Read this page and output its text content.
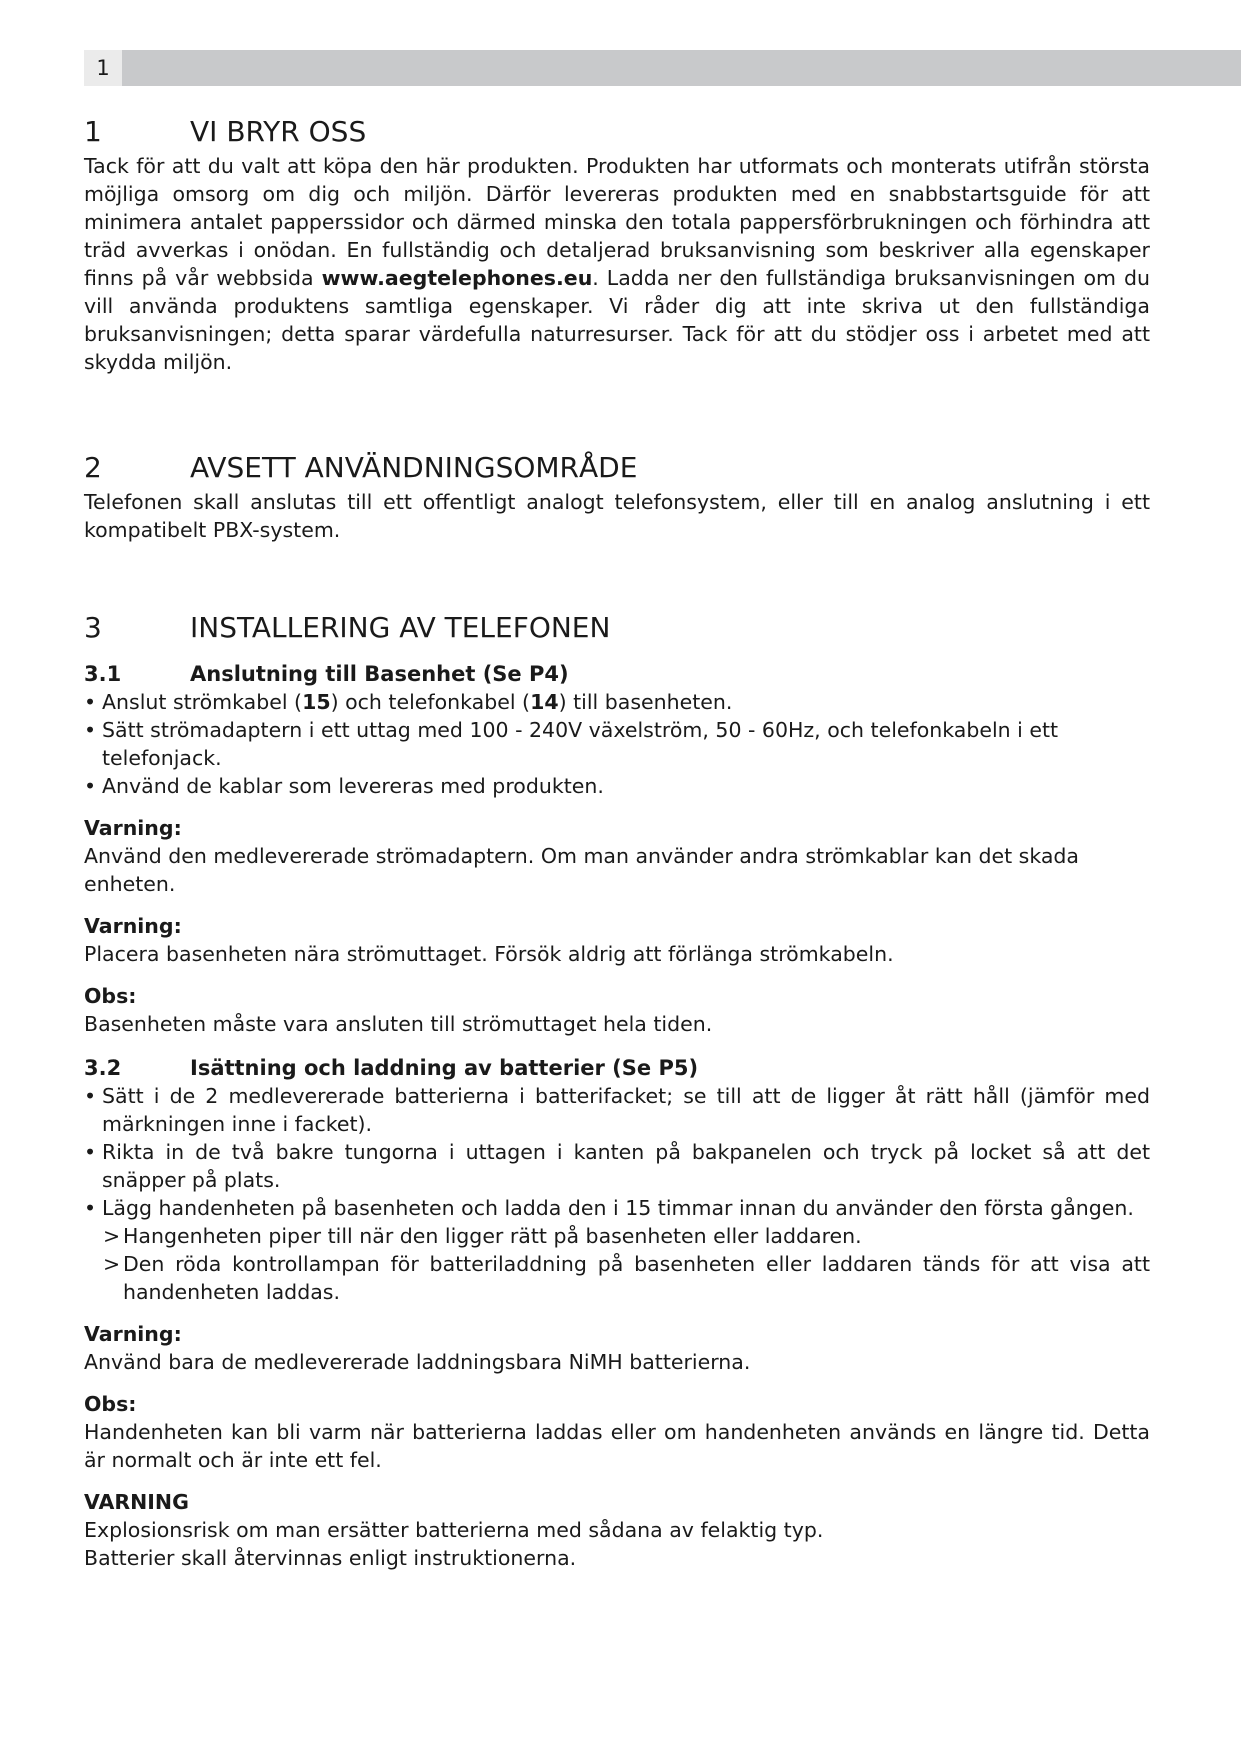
1
1	VI BRYR OSS

Tack för att du valt att köpa den här produkten. Produkten har utformats och monterats utifrån största möjliga omsorg om dig och miljön. Därför levereras produkten med en snabbstartsguide för att minimera antalet papperssidor och därmed minska den totala pappersförbrukningen och förhindra att träd avverkas i onödan. En fullständig och detaljerad bruksanvisning som beskriver alla egenskaper finns på vår webbsida www.aegtelephones.eu. Ladda ner den fullständiga bruksanvisningen om du vill använda produktens samtliga egenskaper. Vi råder dig att inte skriva ut den fullständiga bruksanvisningen; detta sparar värdefulla naturresurser. Tack för att du stödjer oss i arbetet med att skydda miljön.

2	AVSETT ANVÄNDNINGSOMRÅDE

Telefonen skall anslutas till ett offentligt analogt telefonsystem, eller till en analog anslutning i ett kompatibelt PBX-system.

3	INSTALLERING AV TELEFONEN
3.1	Anslutning till Basenhet (Se P4)
• Anslut strömkabel (15) och telefonkabel (14) till basenheten.
• Sätt strömadaptern i ett uttag med 100 - 240V växelström, 50 - 60Hz, och telefonkabeln i ett telefonjack.
• Använd de kablar som levereras med produkten.

Varning:

Använd den medlevererade strömadaptern. Om man använder andra strömkablar kan det skada enheten.

Varning:

Placera basenheten nära strömuttaget. Försök aldrig att förlänga strömkabeln.

Obs:

Basenheten måste vara ansluten till strömuttaget hela tiden.

3.2	Isättning och laddning av batterier (Se P5)
• Sätt i de 2 medlevererade batterierna i batterifacket; se till att de ligger åt rätt håll (jämför med märkningen inne i facket).
• Rikta in de två bakre tungorna i uttagen i kanten på bakpanelen och tryck på locket så att det snäpper på plats.
• Lägg handenheten på basenheten och ladda den i 15 timmar innan du använder den första gången.
> Hangenheten piper till när den ligger rätt på basenheten eller laddaren.
> Den röda kontrollampan för batteriladdning på basenheten eller laddaren tänds för att visa att handenheten laddas.

Varning:

Använd bara de medlevererade laddningsbara NiMH batterierna.

Obs:

Handenheten kan bli varm när batterierna laddas eller om handenheten används en längre tid. Detta är normalt och är inte ett fel.

VARNING

Explosionsrisk om man ersätter batterierna med sådana av felaktig typ.

Batterier skall återvinnas enligt instruktionerna.
